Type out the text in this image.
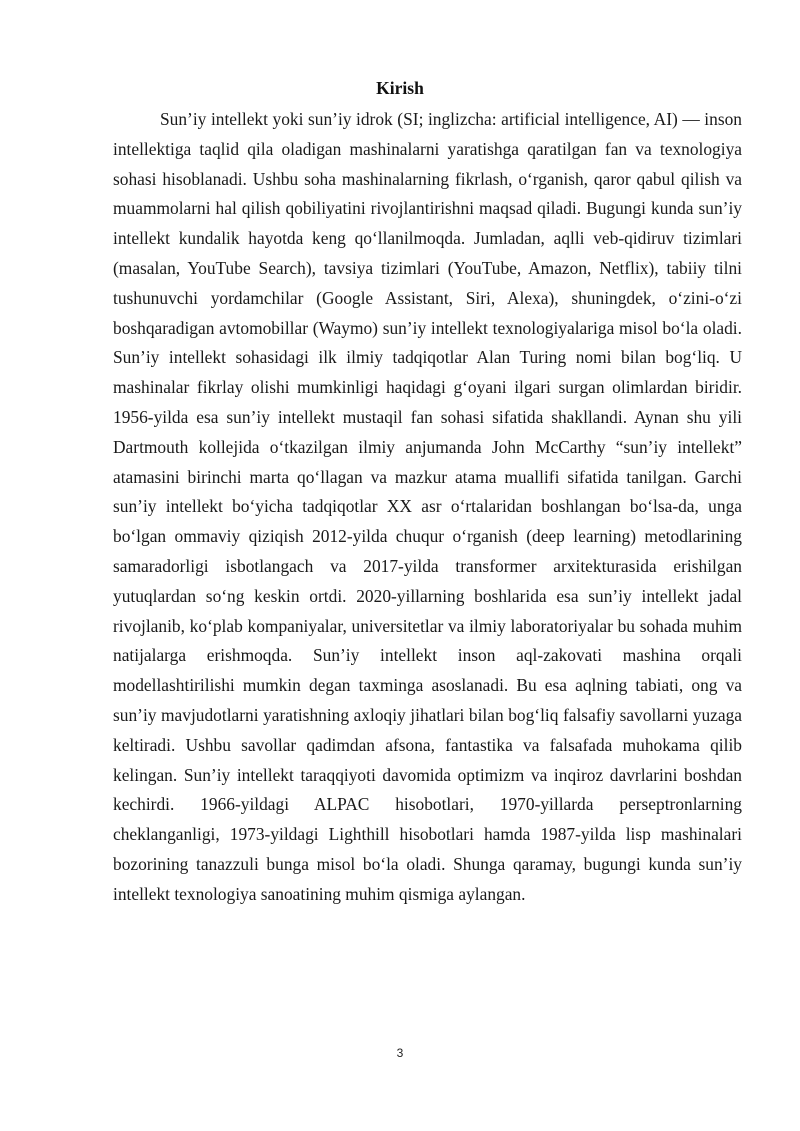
Kirish

Sun’iy intellekt yoki sun’iy idrok (SI; inglizcha: artificial intelligence, AI) — inson intellektiga taqlid qila oladigan mashinalarni yaratishga qaratilgan fan va texnologiya sohasi hisoblanadi. Ushbu soha mashinalarning fikrlash, o‘rganish, qaror qabul qilish va muammolarni hal qilish qobiliyatini rivojlantirishni maqsad qiladi. Bugungi kunda sun’iy intellekt kundalik hayotda keng qo‘llanilmoqda. Jumladan, aqlli veb-qidiruv tizimlari (masalan, YouTube Search), tavsiya tizimlari (YouTube, Amazon, Netflix), tabiiy tilni tushunuvchi yordamchilar (Google Assistant, Siri, Alexa), shuningdek, o‘zini-o‘zi boshqaradigan avtomobillar (Waymo) sun’iy intellekt texnologiyalariga misol bo‘la oladi. Sun’iy intellekt sohasidagi ilk ilmiy tadqiqotlar Alan Turing nomi bilan bog‘liq. U mashinalar fikrlay olishi mumkinligi haqidagi g‘oyani ilgari surgan olimlardan biridir. 1956-yilda esa sun’iy intellekt mustaqil fan sohasi sifatida shakllandi. Aynan shu yili Dartmouth kollejida o‘tkazilgan ilmiy anjumanda John McCarthy “sun’iy intellekt” atamasini birinchi marta qo‘llagan va mazkur atama muallifi sifatida tanilgan. Garchi sun’iy intellekt bo‘yicha tadqiqotlar XX asr o‘rtalaridan boshlangan bo‘lsa-da, unga bo‘lgan ommaviy qiziqish 2012-yilda chuqur o‘rganish (deep learning) metodlarining samaradorligi isbotlangach va 2017-yilda transformer arxitekturasida erishilgan yutuqlardan so‘ng keskin ortdi. 2020-yillarning boshlarida esa sun’iy intellekt jadal rivojlanib, ko‘plab kompaniyalar, universitetlar va ilmiy laboratoriyalar bu sohada muhim natijalarga erishmoqda. Sun’iy intellekt inson aql-zakovati mashina orqali modellashtirilishi mumkin degan taxminga asoslanadi. Bu esa aqlning tabiati, ong va sun’iy mavjudotlarni yaratishning axloqiy jihatlari bilan bog‘liq falsafiy savollarni yuzaga keltiradi. Ushbu savollar qadimdan afsona, fantastika va falsafada muhokama qilib kelingan. Sun’iy intellekt taraqqiyoti davomida optimizm va inqiroz davrlarini boshdan kechirdi. 1966-yildagi ALPAC hisobotlari, 1970-yillarda perseptronlarning cheklanganligi, 1973-yildagi Lighthill hisobotlari hamda 1987-yilda lisp mashinalari bozorining tanazzuli bunga misol bo‘la oladi. Shunga qaramay, bugungi kunda sun’iy intellekt texnologiya sanoatining muhim qismiga aylangan.

3
